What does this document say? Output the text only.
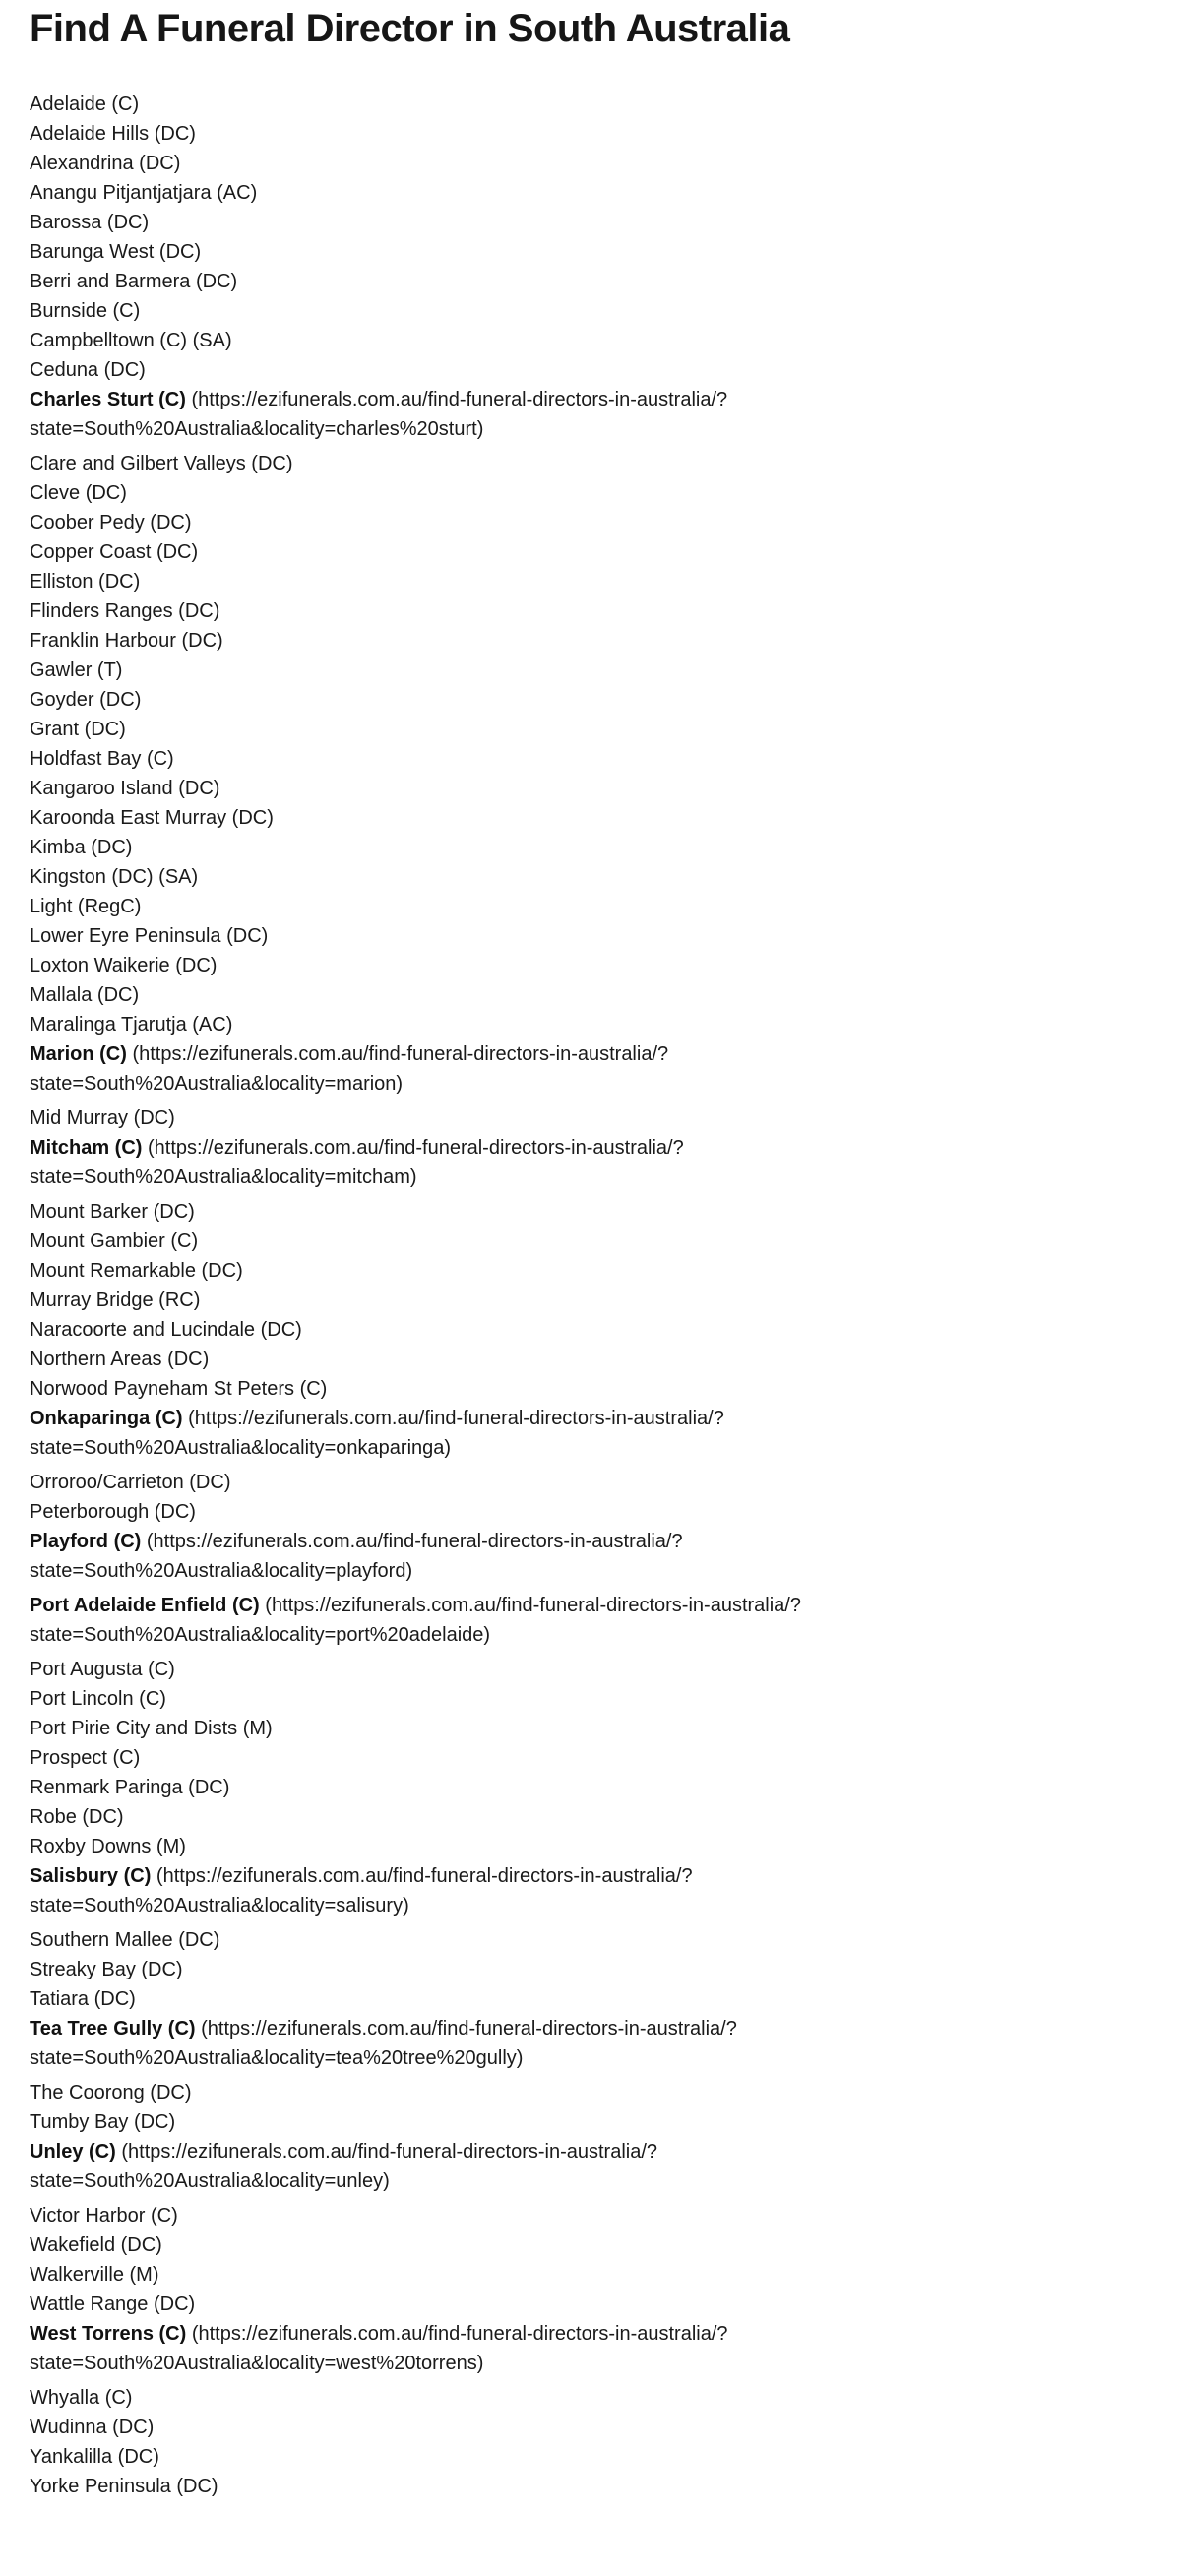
Find A Funeral Director in South Australia
Adelaide (C)
Adelaide Hills (DC)
Alexandrina (DC)
Anangu Pitjantjatjara (AC)
Barossa (DC)
Barunga West (DC)
Berri and Barmera (DC)
Burnside (C)
Campbelltown (C) (SA)
Ceduna (DC)
Charles Sturt (C) (https://ezifunerals.com.au/find-funeral-directors-in-australia/?
state=South%20Australia&locality=charles%20sturt)
Clare and Gilbert Valleys (DC)
Cleve (DC)
Coober Pedy (DC)
Copper Coast (DC)
Elliston (DC)
Flinders Ranges (DC)
Franklin Harbour (DC)
Gawler (T)
Goyder (DC)
Grant (DC)
Holdfast Bay (C)
Kangaroo Island (DC)
Karoonda East Murray (DC)
Kimba (DC)
Kingston (DC) (SA)
Light (RegC)
Lower Eyre Peninsula (DC)
Loxton Waikerie (DC)
Mallala (DC)
Maralinga Tjarutja (AC)
Marion (C) (https://ezifunerals.com.au/find-funeral-directors-in-australia/?
state=South%20Australia&locality=marion)
Mid Murray (DC)
Mitcham (C) (https://ezifunerals.com.au/find-funeral-directors-in-australia/?
state=South%20Australia&locality=mitcham)
Mount Barker (DC)
Mount Gambier (C)
Mount Remarkable (DC)
Murray Bridge (RC)
Naracoorte and Lucindale (DC)
Northern Areas (DC)
Norwood Payneham St Peters (C)
Onkaparinga (C) (https://ezifunerals.com.au/find-funeral-directors-in-australia/?
state=South%20Australia&locality=onkaparinga)
Orroroo/Carrieton (DC)
Peterborough (DC)
Playford (C) (https://ezifunerals.com.au/find-funeral-directors-in-australia/?
state=South%20Australia&locality=playford)
Port Adelaide Enfield (C) (https://ezifunerals.com.au/find-funeral-directors-in-australia/?
state=South%20Australia&locality=port%20adelaide)
Port Augusta (C)
Port Lincoln (C)
Port Pirie City and Dists (M)
Prospect (C)
Renmark Paringa (DC)
Robe (DC)
Roxby Downs (M)
Salisbury (C) (https://ezifunerals.com.au/find-funeral-directors-in-australia/?
state=South%20Australia&locality=salisury)
Southern Mallee (DC)
Streaky Bay (DC)
Tatiara (DC)
Tea Tree Gully (C) (https://ezifunerals.com.au/find-funeral-directors-in-australia/?
state=South%20Australia&locality=tea%20tree%20gully)
The Coorong (DC)
Tumby Bay (DC)
Unley (C) (https://ezifunerals.com.au/find-funeral-directors-in-australia/?
state=South%20Australia&locality=unley)
Victor Harbor (C)
Wakefield (DC)
Walkerville (M)
Wattle Range (DC)
West Torrens (C) (https://ezifunerals.com.au/find-funeral-directors-in-australia/?
state=South%20Australia&locality=west%20torrens)
Whyalla (C)
Wudinna (DC)
Yankalilla (DC)
Yorke Peninsula (DC)
